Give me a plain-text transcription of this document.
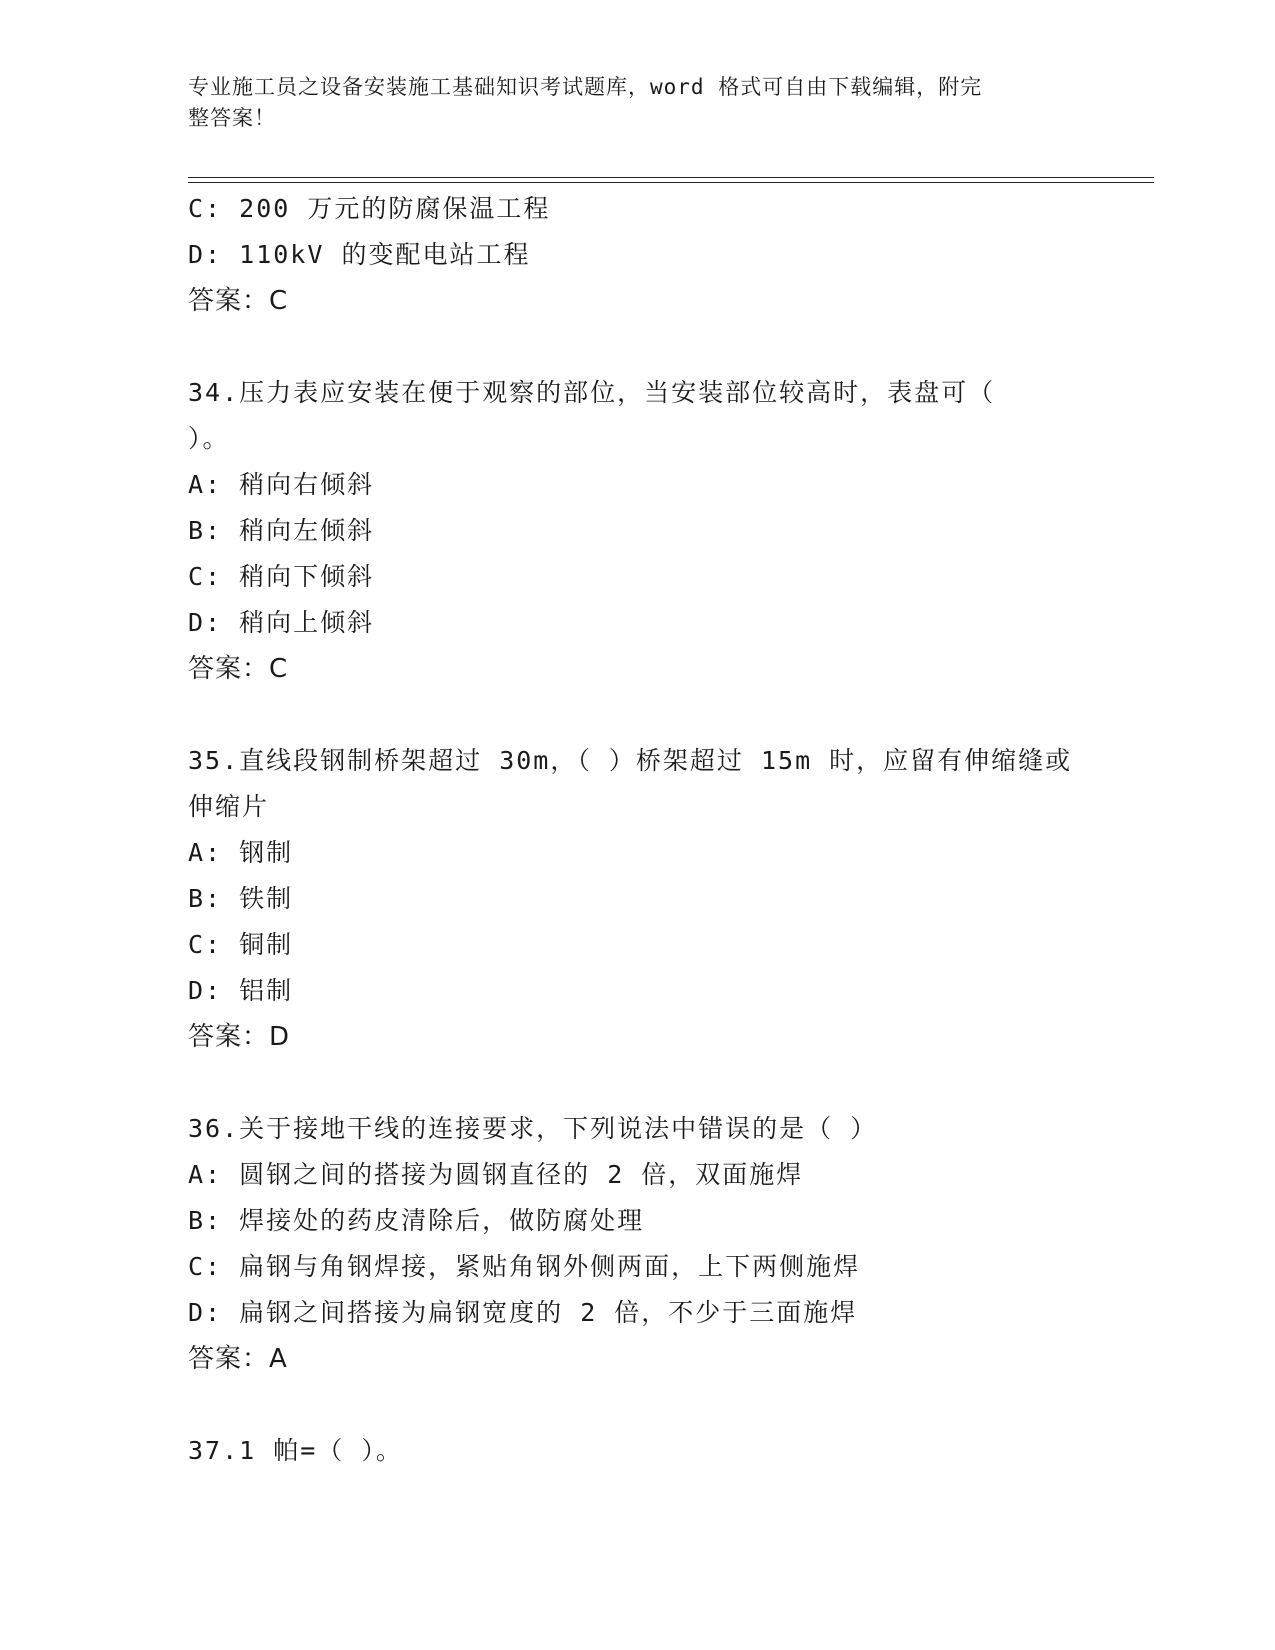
专业施工员之设备安装施工基础知识考试题库，word 格式可自由下载编辑，附完
整答案！
C: 200 万元的防腐保温工程
D: 110kV 的变配电站工程
答案：C
34.压力表应安装在便于观察的部位，当安装部位较高时，表盘可（
）。
A: 稍向右倾斜
B: 稍向左倾斜
C: 稍向下倾斜
D: 稍向上倾斜
答案：C
35.直线段钢制桥架超过 30m，（ ）桥架超过 15m 时，应留有伸缩缝或
伸缩片
A: 钢制
B: 铁制
C: 铜制
D: 铝制
答案：D
36.关于接地干线的连接要求，下列说法中错误的是（ ）
A: 圆钢之间的搭接为圆钢直径的 2 倍，双面施焊
B: 焊接处的药皮清除后，做防腐处理
C: 扁钢与角钢焊接，紧贴角钢外侧两面，上下两侧施焊
D: 扁钢之间搭接为扁钢宽度的 2 倍，不少于三面施焊
答案：A
37.1 帕=（ ）。
